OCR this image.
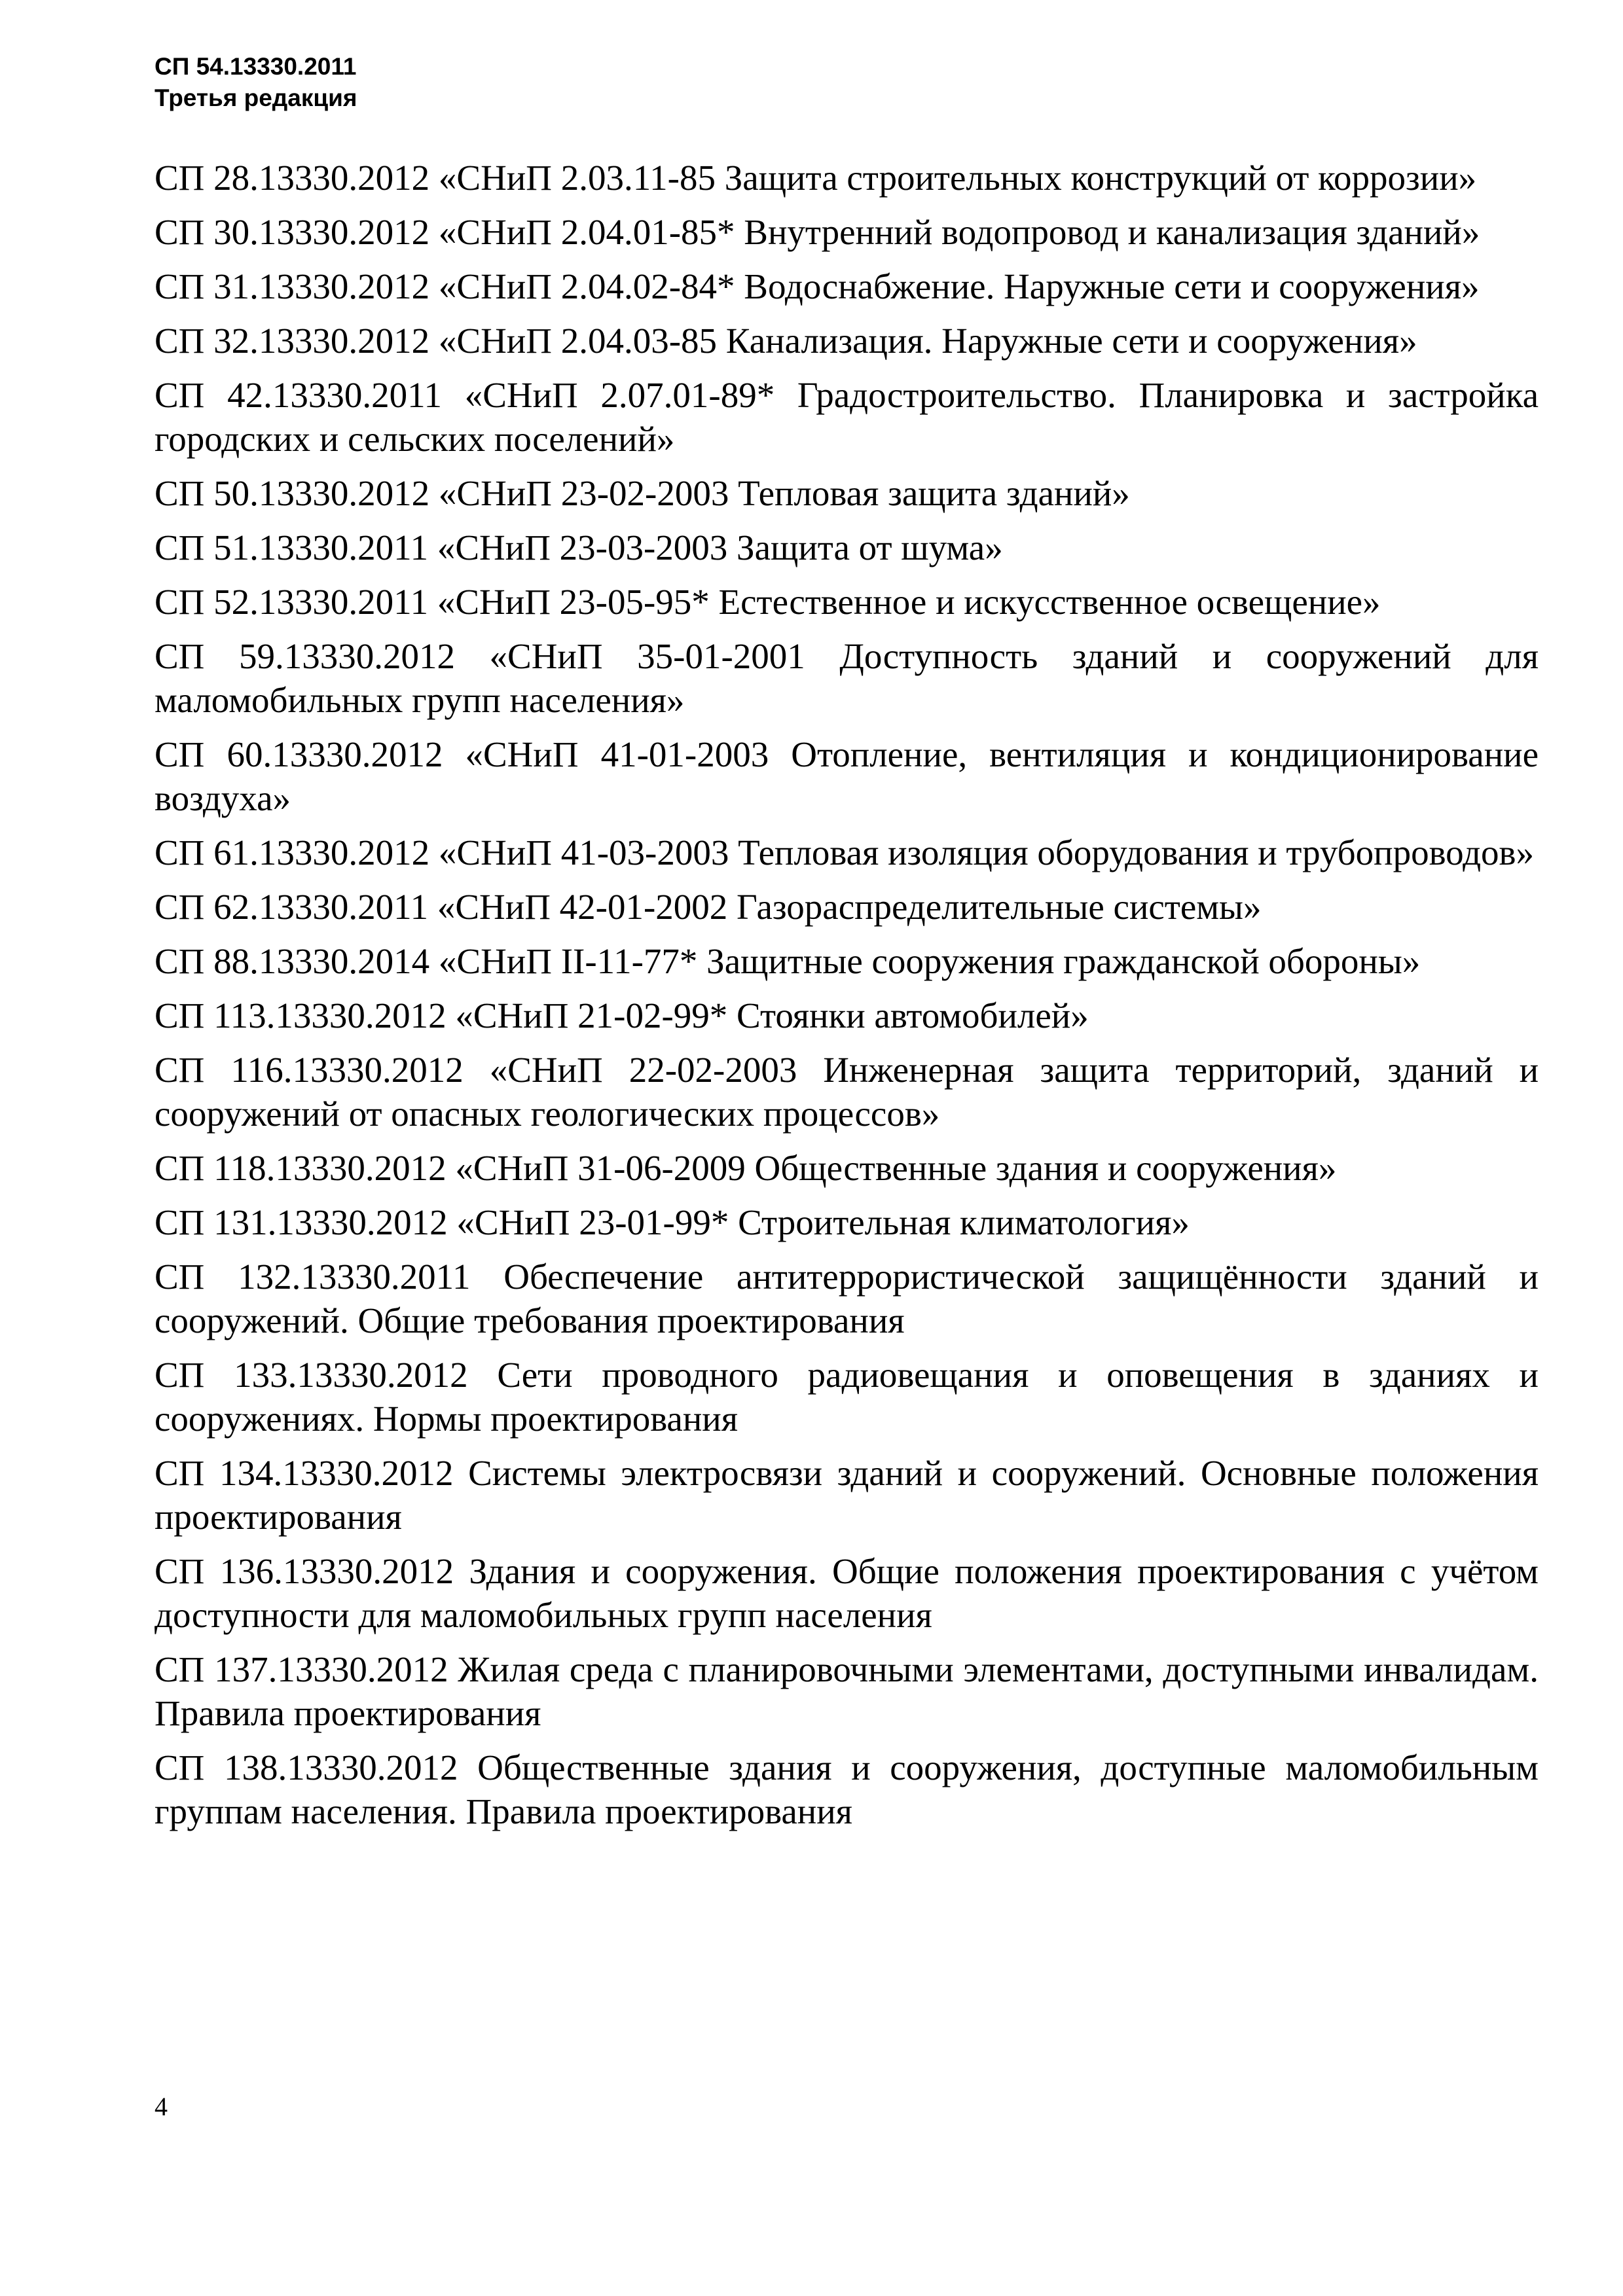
СП 54.13330.2011
Третья редакция
СП 28.13330.2012 «СНиП 2.03.11-85 Защита строительных конструкций от коррозии»
СП 30.13330.2012 «СНиП 2.04.01-85* Внутренний водопровод и канализация зданий»
СП 31.13330.2012 «СНиП 2.04.02-84* Водоснабжение. Наружные сети и сооружения»
СП 32.13330.2012 «СНиП 2.04.03-85 Канализация. Наружные сети и сооружения»
СП 42.13330.2011 «СНиП 2.07.01-89* Градостроительство. Планировка и застройка городских и сельских поселений»
СП 50.13330.2012 «СНиП 23-02-2003 Тепловая защита зданий»
СП 51.13330.2011 «СНиП 23-03-2003 Защита от шума»
СП 52.13330.2011 «СНиП 23-05-95* Естественное и искусственное освещение»
СП 59.13330.2012 «СНиП 35-01-2001 Доступность зданий и сооружений для маломобильных групп населения»
СП 60.13330.2012 «СНиП 41-01-2003 Отопление, вентиляция и кондиционирование воздуха»
СП 61.13330.2012 «СНиП 41-03-2003 Тепловая изоляция оборудования и трубопроводов»
СП 62.13330.2011 «СНиП 42-01-2002 Газораспределительные системы»
СП 88.13330.2014 «СНиП II-11-77* Защитные сооружения гражданской обороны»
СП 113.13330.2012 «СНиП 21-02-99* Стоянки автомобилей»
СП 116.13330.2012 «СНиП 22-02-2003 Инженерная защита территорий, зданий и сооружений от опасных геологических процессов»
СП 118.13330.2012 «СНиП 31-06-2009 Общественные здания и сооружения»
СП 131.13330.2012 «СНиП 23-01-99* Строительная климатология»
СП 132.13330.2011 Обеспечение антитеррористической защищённости зданий и сооружений. Общие требования проектирования
СП 133.13330.2012 Сети проводного радиовещания и оповещения в зданиях и сооружениях. Нормы проектирования
СП 134.13330.2012 Системы электросвязи зданий и сооружений. Основные положения проектирования
СП 136.13330.2012 Здания и сооружения. Общие положения проектирования с учётом доступности для маломобильных групп населения
СП 137.13330.2012 Жилая среда с планировочными элементами, доступными инвалидам. Правила проектирования
СП 138.13330.2012 Общественные здания и сооружения, доступные маломобильным группам населения. Правила проектирования
4
